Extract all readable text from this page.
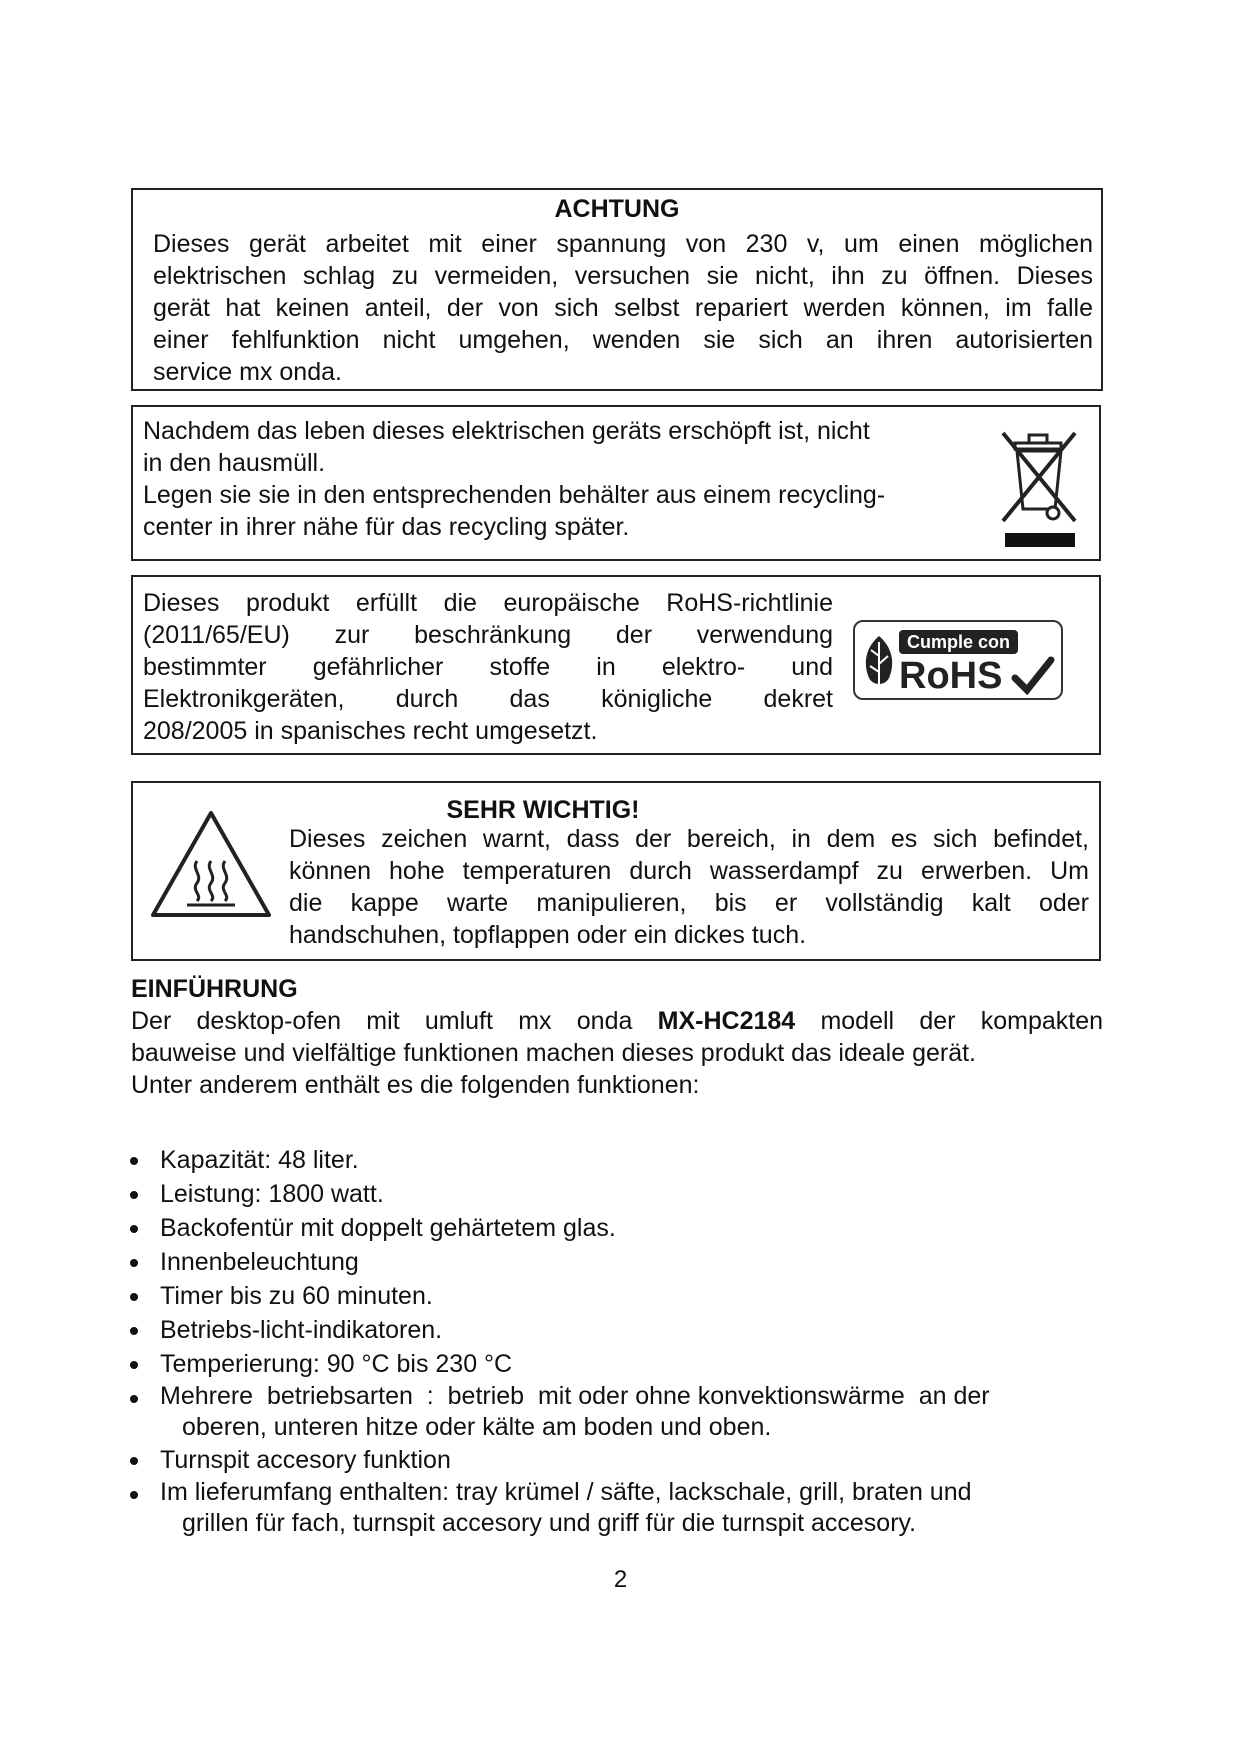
ACHTUNG

Dieses gerät arbeitet mit einer spannung von 230 v, um einen möglichen

elektrischen schlag zu vermeiden, versuchen sie nicht, ihn zu öffnen. Dieses

gerät hat keinen anteil, der von sich selbst repariert werden können, im falle

einer fehlfunktion nicht umgehen, wenden sie sich an ihren autorisierten

service mx onda.

Nachdem das leben dieses elektrischen geräts erschöpft ist, nicht

in den hausmüll.

Legen sie sie in den entsprechenden behälter aus einem recycling-

center in ihrer nähe für das recycling später.

Dieses produkt erfüllt die europäische RoHS-richtlinie

(2011/65/EU) zur beschränkung der verwendung

bestimmter gefährlicher stoffe in elektro- und

Elektronikgeräten, durch das königliche dekret

208/2005 in spanisches recht umgesetzt.

Cumple con
RoHS

SEHR WICHTIG!

Dieses zeichen warnt, dass der bereich, in dem es sich befindet,

können hohe temperaturen durch wasserdampf zu erwerben. Um

die kappe warte manipulieren, bis er vollständig kalt oder

handschuhen, topflappen oder ein dickes tuch.

EINFÜHRUNG

Der desktop-ofen mit umluft mx onda MX-HC2184 modell der kompakten

bauweise und vielfältige funktionen machen dieses produkt das ideale gerät.

Unter anderem enthält es die folgenden funktionen:

Kapazität: 48 liter.
Leistung: 1800 watt.
Backofentür mit doppelt gehärtetem glas.
Innenbeleuchtung
Timer bis zu 60 minuten.
Betriebs-licht-indikatoren.
Temperierung: 90 °C bis 230 °C
Mehrere  betriebsarten  :  betrieb  mit oder ohne konvektionswärme  an der
oberen, unteren hitze oder kälte am boden und oben.
Turnspit accesory funktion
Im lieferumfang enthalten: tray krümel / säfte, lackschale, grill, braten und
grillen für fach, turnspit accesory und griff für die turnspit accesory.
2
